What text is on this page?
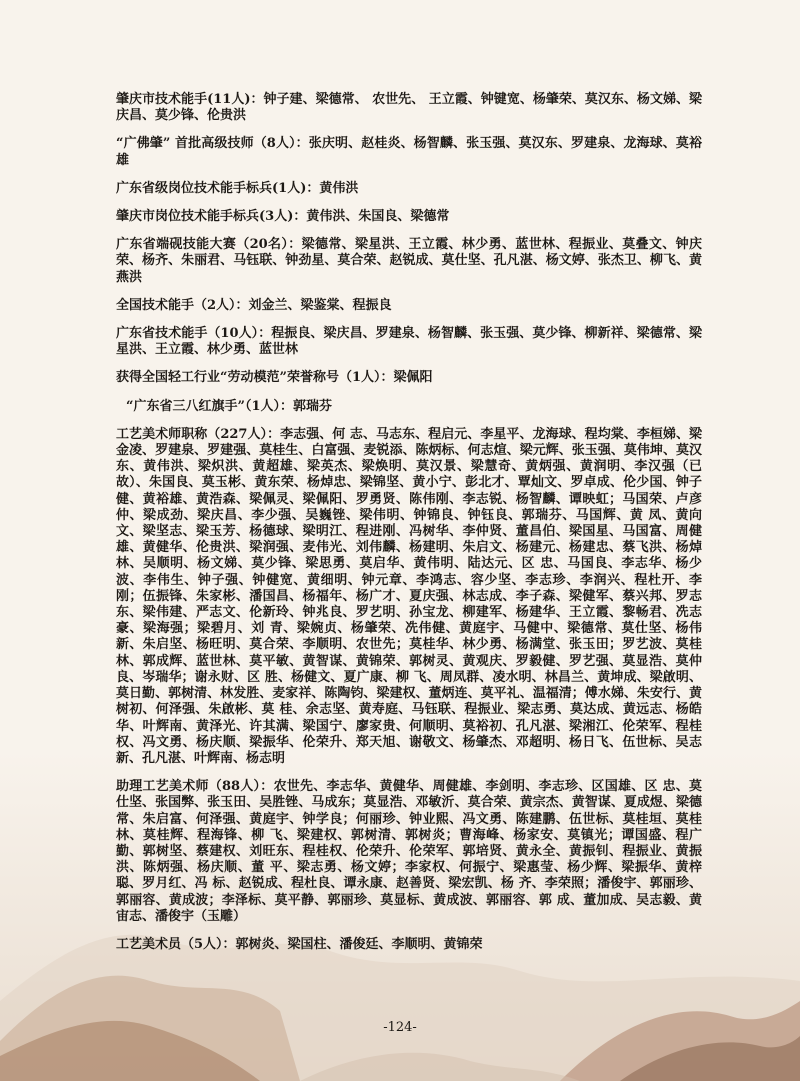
肇庆市技术能手(11人)：钟子建、梁德常、 农世先、 王立霞、钟键宽、杨肇荣、莫汉东、杨文娣、梁庆昌、莫少锋、伦贵洪

“广佛肇” 首批高级技师（8人）：张庆明、赵桂炎、杨智麟、张玉强、莫汉东、罗建泉、龙海球、莫裕雄

广东省级岗位技术能手标兵(1人)：黄伟洪

肇庆市岗位技术能手标兵(3人)：黄伟洪、朱国良、梁德常

广东省端砚技能大赛（20名）：梁德常、梁星洪、王立霞、林少勇、蓝世林、程振业、莫叠文、钟庆荣、杨齐、朱丽君、马钰联、钟劲星、莫合荣、赵锐成、莫仕坚、孔凡湛、杨文婷、张杰卫、柳飞、黄燕洪

全国技术能手（2人）：刘金兰、梁鉴棠、程振良

广东省技术能手（10人）：程振良、梁庆昌、罗建泉、杨智麟、张玉强、莫少锋、柳新祥、梁德常、梁星洪、王立霞、林少勇、蓝世林

获得全国轻工行业“劳动模范”荣誉称号（1人）：梁佩阳

“广东省三八红旗手”（1人）：郭瑞芬

工艺美术师职称（227人）：李志强、何 志、马志东、程启元、李星平、龙海球、程均棠、李桓娣、梁金凌、罗建泉、罗建强、莫桂生、白富强、麦锐添、陈炳标、何志煊、梁元辉、张玉强、莫伟坤、莫汉东、黄伟洪、梁炽洪、黄超雄、梁英杰、梁焕明、莫汉景、梁慧奇、黄炳强、黄润明、李汉强（已故）、朱国良、莫玉彬、黄东荣、杨焯忠、梁锦坚、黄小宁、彭北才、覃灿文、罗卓成、伦少国、钟子健、黄裕雄、黄浩森、梁佩灵、梁佩阳、罗勇贤、陈伟刚、李志锐、杨智麟、谭映虹；马国荣、卢彦仲、梁成劲、梁庆昌、李少强、吴巍锉、梁伟明、钟锦良、钟钰良、郭瑞芬、马国辉、黄 凤、黄向文、梁坚志、梁玉芳、杨德球、梁明江、程进刚、冯树华、李仲贤、董昌伯、梁国星、马国富、周健雄、黄健华、伦贵洪、梁润强、麦伟光、刘伟麟、杨建明、朱启文、杨建元、杨建忠、蔡飞洪、杨焯林、吴顺明、杨文娣、莫少锋、梁思勇、莫启华、黄伟明、陆达元、区 忠、马国良、李志华、杨少波、李伟生、钟子强、钟健宽、黄细明、钟元章、李鸿志、容少坚、李志珍、李润兴、程杜开、李 刚；伍振锋、朱家彬、潘国昌、杨福年、杨广才、夏庆强、林志成、李子森、梁健军、蔡兴邦、罗志东、梁伟建、严志文、伦新玲、钟兆良、罗艺明、孙宝龙、柳建军、杨建华、王立霞、黎畅君、冼志豪、梁海强；梁碧月、刘 青、梁婉贞、杨肇荣、冼伟健、黄庭宇、马健中、梁德常、莫仕坚、杨伟新、朱启坚、杨旺明、莫合荣、李顺明、农世先；莫桂华、林少勇、杨满堂、张玉田；罗艺波、莫桂林、郭成辉、蓝世林、莫平敏、黄智谋、黄锦荣、郭树灵、黄观庆、罗毅健、罗艺强、莫显浩、莫仲良、岑瑞华；谢永财、区 胜、杨健文、夏广康、柳 飞、周凤群、凌水明、林昌兰、黄坤成、梁啟明、莫日勤、郭树清、林发胜、麦家祥、陈陶钧、梁建权、董炳连、莫平礼、温福清；傅水娣、朱安行、黄树初、何泽强、朱啟彬、莫 桂、余志坚、黄寿庭、马钰联、程振业、梁志勇、莫达成、黄远志、杨皓华、叶辉南、黄泽光、许其满、梁国宁、廖家贵、何顺明、莫裕初、孔凡湛、梁湘江、伦荣军、程桂权、冯文勇、杨庆顺、梁振华、伦荣升、郑天旭、谢敬文、杨肇杰、邓超明、杨日飞、伍世标、吴志新、孔凡湛、叶辉南、杨志明

助理工艺美术师（88人）：农世先、李志华、黄健华、周健雄、李剑明、李志珍、区国雄、区 忠、莫仕坚、张国弊、张玉田、吴胜锉、马成东；莫显浩、邓敏沂、莫合荣、黄宗杰、黄智谋、夏成煜、梁德常、朱启富、何泽强、黄庭宇、钟学良；何丽珍、钟业熙、冯文勇、陈建鹏、伍世标、莫桂垣、莫桂林、莫桂辉、程海锋、柳 飞、梁建权、郭树清、郭树炎；曹海峰、杨家安、莫镇光；谭国盛、程广勤、郭树坚、蔡建权、刘旺东、程桂权、伦荣升、伦荣军、郭培贤、黄永全、黄振钊、程振业、黄振洪、陈炳强、杨庆顺、董 平、梁志勇、杨文婷；李家权、何振宁、梁惠莹、杨少辉、梁振华、黄梓聪、罗月红、冯 标、赵锐成、程杜良、谭永康、赵善贤、梁宏凯、杨 齐、李荣照；潘俊宇、郭丽珍、郭丽容、黄成波；李泽标、莫平静、郭丽珍、莫显标、黄成波、郭丽容、郭 成、董加成、吴志毅、黄宙志、潘俊宇（玉雕）

工艺美术员（5人）：郭树炎、梁国柱、潘俊廷、李顺明、黄锦荣

-124-
